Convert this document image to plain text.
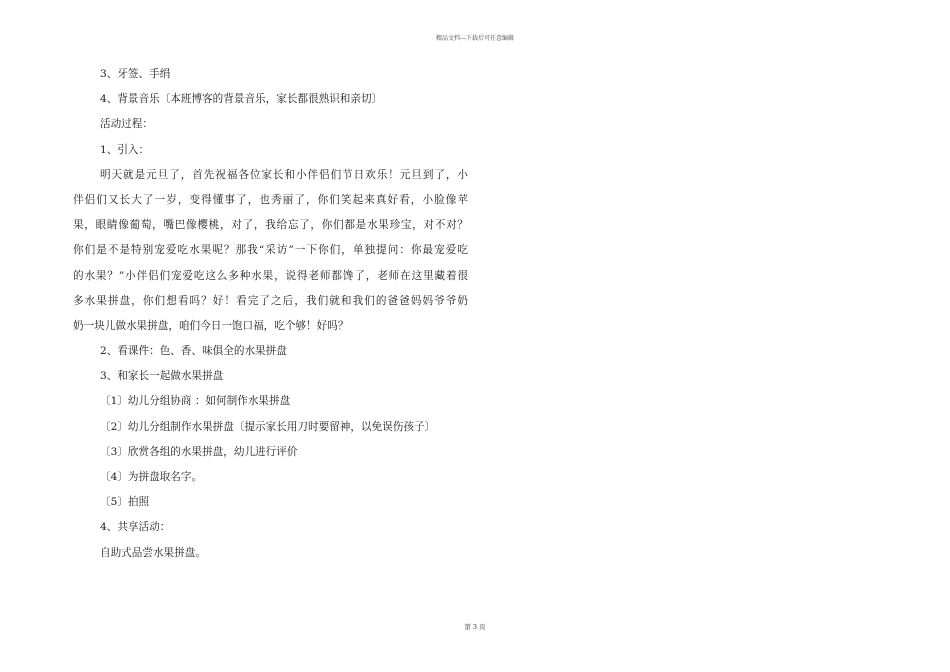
精品文档---下载后可任意编辑
3、牙签、手绢
4、背景音乐〔本班博客的背景音乐，家长都很熟识和亲切〕
活动过程：
1、引入：
明天就是元旦了，首先祝福各位家长和小伴侣们节日欢乐！元旦到了，小
伴侣们又长大了一岁，变得懂事了，也秀丽了，你们笑起来真好看，小脸像苹
果，眼睛像葡萄，嘴巴像樱桃，对了，我给忘了，你们都是水果珍宝，对不对？
你们是不是特别宠爱吃水果呢？那我“采访”一下你们，单独提问：你最宠爱吃
的水果？”小伴侣们宠爱吃这么多种水果，说得老师都馋了，老师在这里藏着很
多水果拼盘，你们想看吗？好！看完了之后，我们就和我们的爸爸妈妈爷爷奶
奶一块儿做水果拼盘，咱们今日一饱口福，吃个够！好吗？
2、看课件：色、香、味俱全的水果拼盘
3、和家长一起做水果拼盘
〔1〕幼儿分组协商 ：如何制作水果拼盘
〔2〕幼儿分组制作水果拼盘〔提示家长用刀时要留神，以免误伤孩子〕
〔3〕欣赏各组的水果拼盘，幼儿进行评价
〔4〕为拼盘取名字。
〔5〕拍照
4、共享活动：
自助式品尝水果拼盘。
第 3 页
